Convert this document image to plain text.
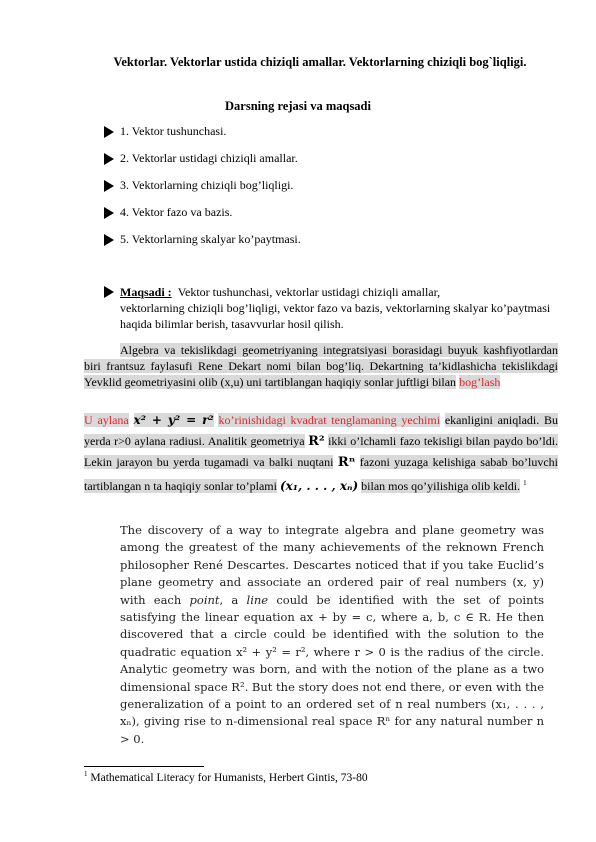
Vektorlar. Vektorlar ustida chiziqli amallar. Vektorlarning chiziqli bog`liqligi.
Darsning rejasi va maqsadi
1. Vektor tushunchasi.
2. Vektorlar ustidagi chiziqli amallar.
3. Vektorlarning chiziqli bog’liqligi.
4. Vektor fazo va bazis.
5. Vektorlarning skalyar ko’paytmasi.
Maqsadi : Vektor tushunchasi, vektorlar ustidagi chiziqli amallar,
vektorlarning chiziqli bog’liqligi, vektor fazo va bazis, vektorlarning skalyar ko’paytmasi haqida bilimlar berish, tasavvurlar hosil qilish.
Algebra va tekislikdagi geometriyaning integratsiyasi borasidagi buyuk kashfiyotlardan biri frantsuz faylasufi Rene Dekart nomi bilan bog’liq. Dekartning ta’kidlashicha tekislikdagi Yevklid geometriyasini olib (x,u) uni tartiblangan haqiqiy sonlar juftligi bilan bog’lash
U aylana x² + y² = r² ko’rinishidagi kvadrat tenglamaning yechimi ekanligini aniqladi. Bu yerda r>0 aylana radiusi. Analitik geometriya R² ikki o’lchamli fazo tekisligi bilan paydo bo’ldi. Lekin jarayon bu yerda tugamadi va balki nuqtani Rⁿ fazoni yuzaga kelishiga sabab bo’luvchi tartiblangan n ta haqiqiy sonlar to’plami (x₁, . . . , xₙ) bilan mos qo’yilishiga olib keldi. $^1$
The discovery of a way to integrate algebra and plane geometry was among the greatest of the many achievements of the reknown French philosopher René Descartes. Descartes noticed that if you take Euclid’s plane geometry and associate an ordered pair of real numbers (x, y) with each point, a line could be identified with the set of points satisfying the linear equation ax + by = c, where a, b, c ∈ R. He then discovered that a circle could be identified with the solution to the quadratic equation x² + y² = r², where r > 0 is the radius of the circle. Analytic geometry was born, and with the notion of the plane as a two dimensional space R². But the story does not end there, or even with the generalization of a point to an ordered set of n real numbers (x₁, . . . , xₙ), giving rise to n-dimensional real space Rⁿ for any natural number n > 0.
$^1$ Mathematical Literacy for Humanists, Herbert Gintis, 73-80
